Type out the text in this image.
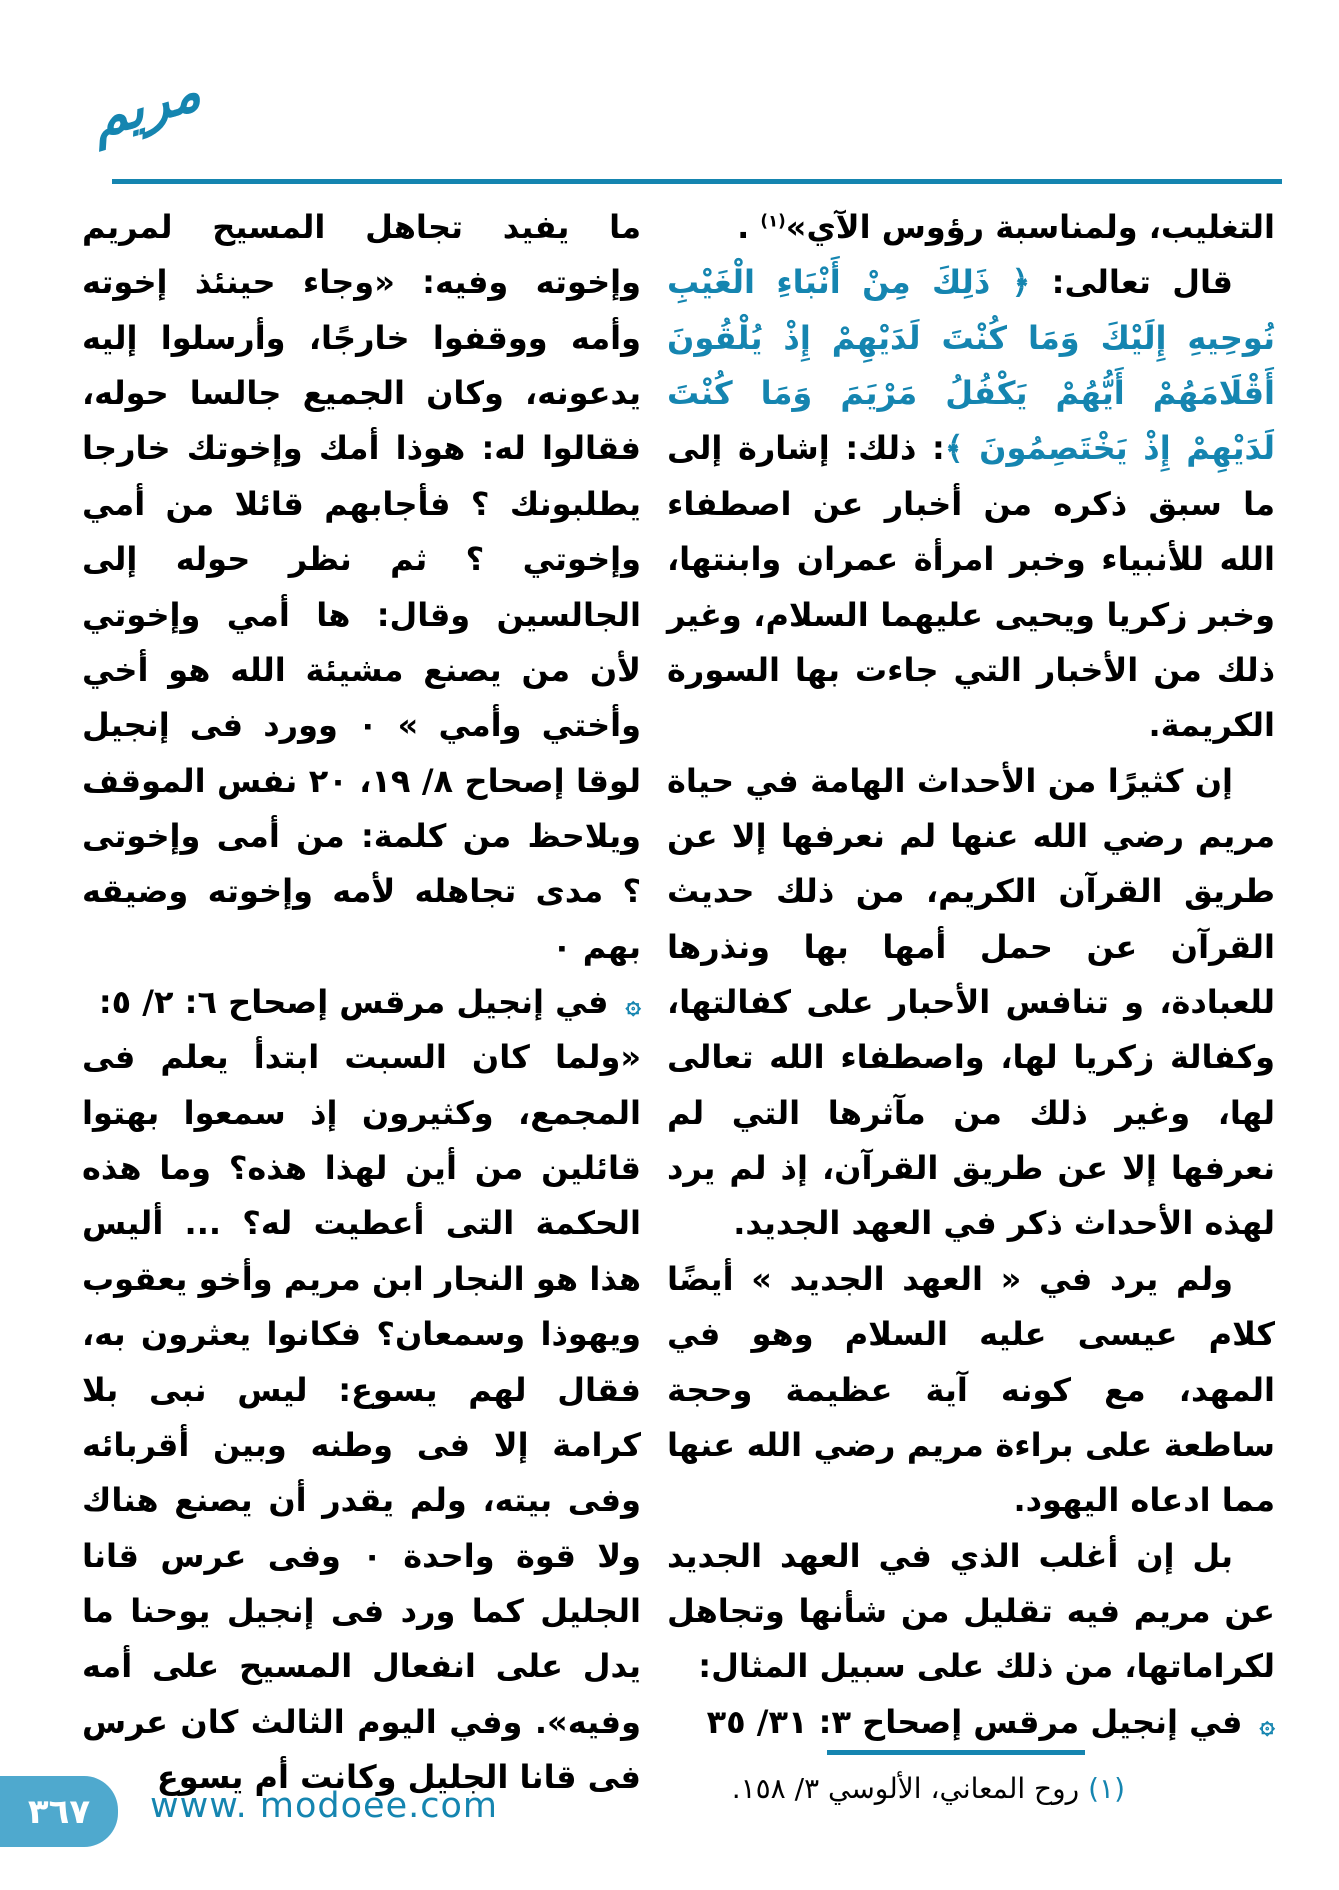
مريم

التغليب، ولمناسبة رؤوس الآي»$^{(١)}$ .

قال تعالى: ﴿ ذَلِكَ مِنْ أَنْبَاءِ الْغَيْبِ نُوحِيهِ إِلَيْكَ وَمَا كُنْتَ لَدَيْهِمْ إِذْ يُلْقُونَ أَقْلَامَهُمْ أَيُّهُمْ يَكْفُلُ مَرْيَمَ وَمَا كُنْتَ لَدَيْهِمْ إِذْ يَخْتَصِمُونَ ﴾: ذلك: إشارة إلى ما سبق ذكره من أخبار عن اصطفاء الله للأنبياء وخبر امرأة عمران وابنتها، وخبر زكريا ويحيى عليهما السلام، وغير ذلك من الأخبار التي جاءت بها السورة الكريمة.

إن كثيرًا من الأحداث الهامة في حياة مريم رضي الله عنها لم نعرفها إلا عن طريق القرآن الكريم، من ذلك حديث القرآن عن حمل أمها بها ونذرها للعبادة، و تنافس الأحبار على كفالتها، وكفالة زكريا لها، واصطفاء الله تعالى لها، وغير ذلك من مآثرها التي لم نعرفها إلا عن طريق القرآن، إذ لم يرد لهذه الأحداث ذكر في العهد الجديد.

ولم يرد في « العهد الجديد » أيضًا كلام عيسى عليه السلام وهو في المهد، مع كونه آية عظيمة وحجة ساطعة على براءة مريم رضي الله عنها مما ادعاه اليهود.

بل إن أغلب الذي في العهد الجديد عن مريم فيه تقليل من شأنها وتجاهل لكراماتها، من ذلك على سبيل المثال:

۞ في إنجيل مرقس إصحاح ٣: ٣١/ ٣٥

(١) روح المعاني، الألوسي ٣/ ١٥٨.

ما يفيد تجاهل المسيح لمريم وإخوته وفيه: «وجاء حينئذ إخوته وأمه ووقفوا خارجًا، وأرسلوا إليه يدعونه، وكان الجميع جالسا حوله، فقالوا له: هوذا أمك وإخوتك خارجا يطلبونك ؟ فأجابهم قائلا من أمي وإخوتي ؟ ثم نظر حوله إلى الجالسين وقال: ها أمي وإخوتي لأن من يصنع مشيئة الله هو أخي وأختي وأمي » ٠ وورد فى إنجيل لوقا إصحاح ٨/ ١٩، ٢٠ نفس الموقف ويلاحظ من كلمة: من أمى وإخوتى ؟ مدى تجاهله لأمه وإخوته وضيقه بهم ٠

۞ في إنجيل مرقس إصحاح ٦: ٢/ ٥:

«ولما كان السبت ابتدأ يعلم فى المجمع، وكثيرون إذ سمعوا بهتوا قائلين من أين لهذا هذه؟ وما هذه الحكمة التى أعطيت له؟ ... أليس هذا هو النجار ابن مريم وأخو يعقوب ويهوذا وسمعان؟ فكانوا يعثرون به، فقال لهم يسوع: ليس نبى بلا كرامة إلا فى وطنه وبين أقربائه وفى بيته، ولم يقدر أن يصنع هناك ولا قوة واحدة ٠ وفى عرس قانا الجليل كما ورد فى إنجيل يوحنا ما يدل على انفعال المسيح على أمه وفيه». وفي اليوم الثالث كان عرس فى قانا الجليل وكانت أم يسوع

٣٦٧ www. modoee.com
